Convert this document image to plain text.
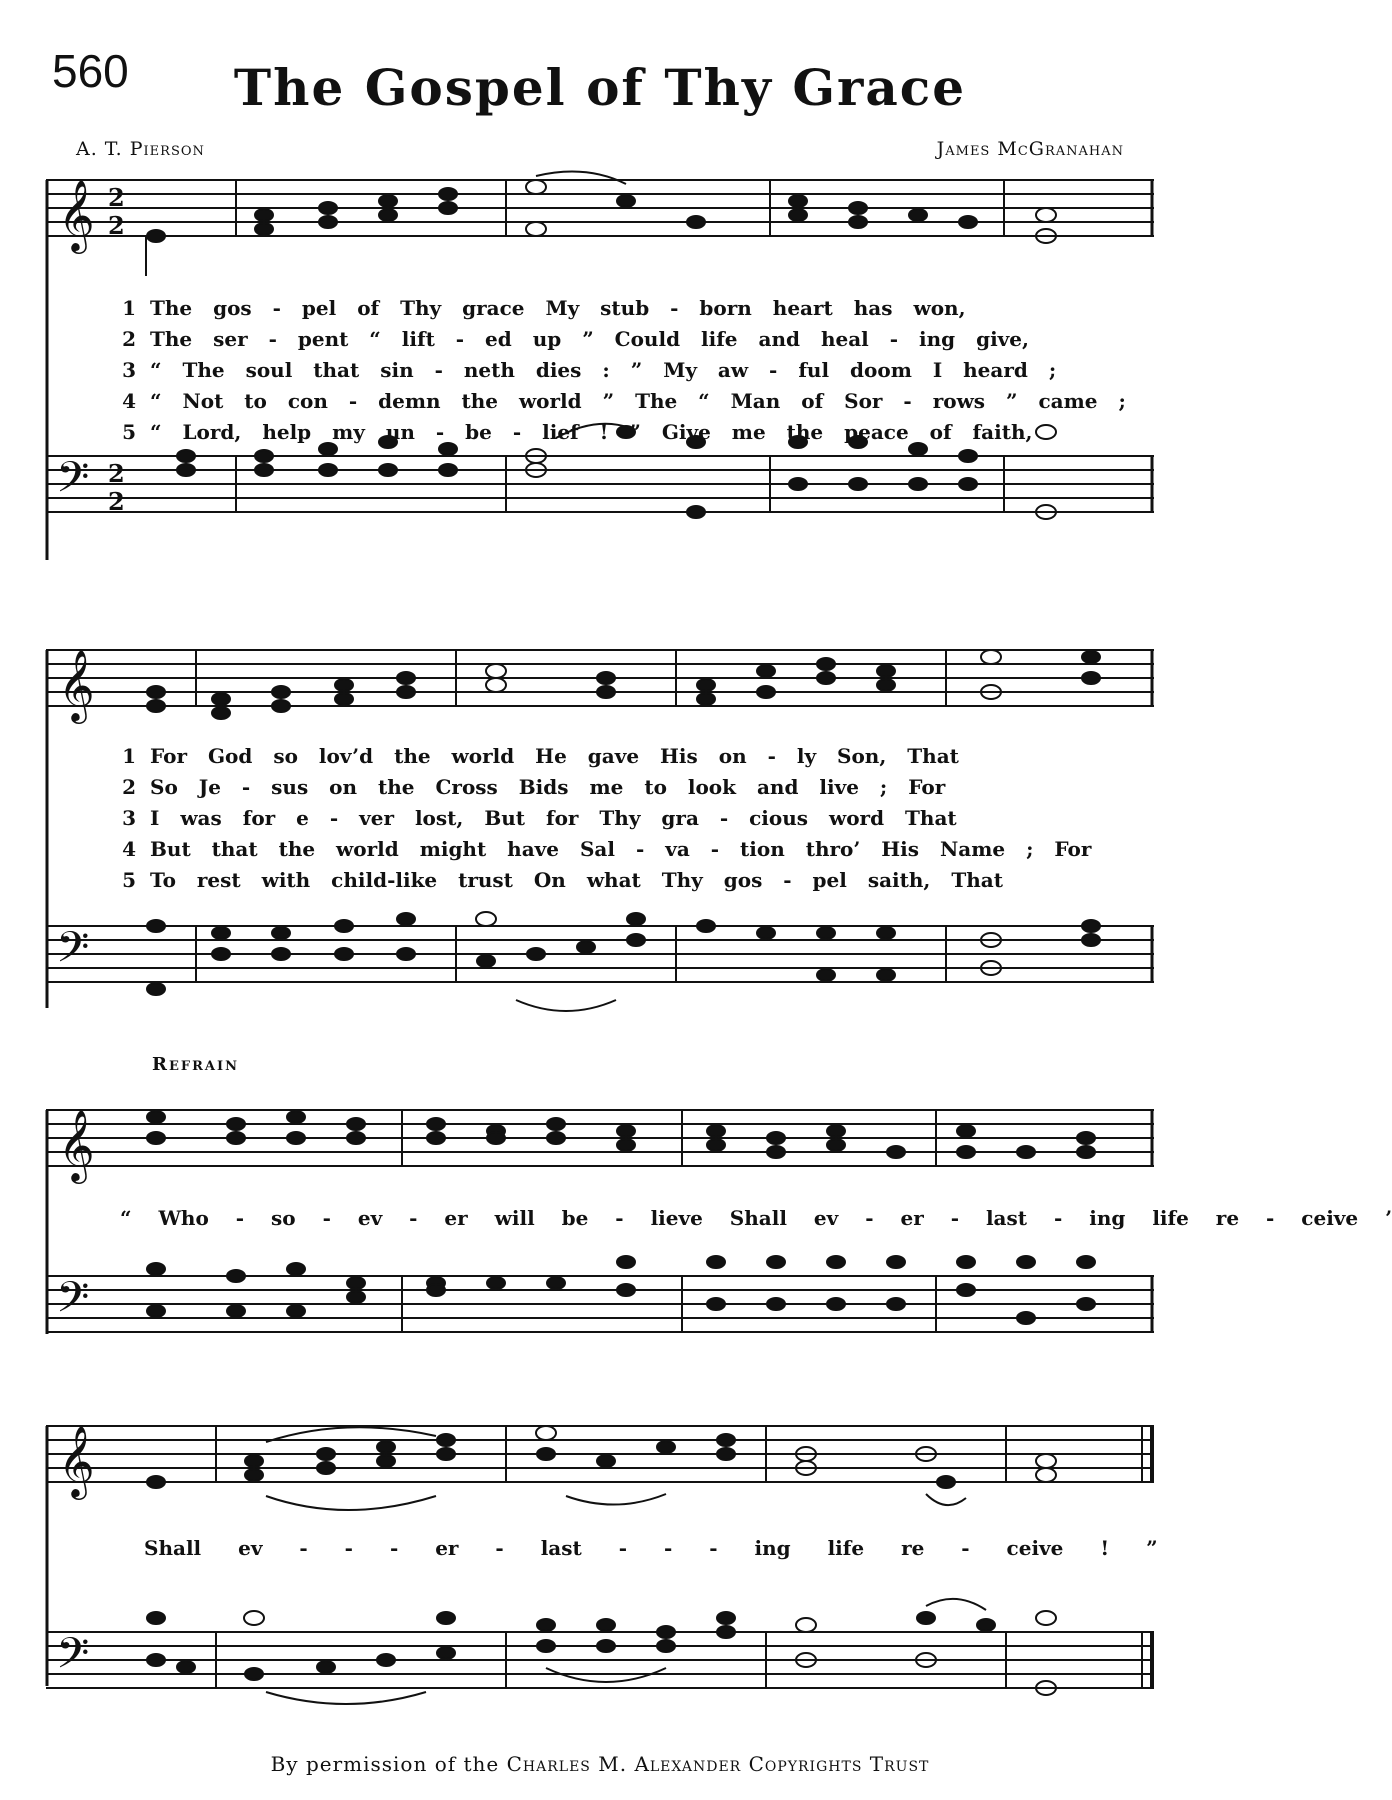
560	The Gospel of Thy Grace
A. T. Pierson	James McGranahan
𝄞 2
2
𝄢 2
2
1 The gos - pel of Thy grace My stub - born heart has won,
2 The ser - pent “ lift - ed up ” Could life and heal - ing give,
3 “ The soul that sin - neth dies : ” My aw - ful doom I heard ;
4 “ Not to con - demn the world ” The “ Man of Sor - rows ” came ;
5 “ Lord, help my un - be - lief ! ” Give me the peace of faith,
𝄞
𝄢
1 For God so lov’d the world He gave His on - ly Son, That
2 So Je - sus on the Cross Bids me to look and live ; For
3 I was for e - ver lost, But for Thy gra - cious word That
4 But that the world might have Sal - va - tion thro’ His Name ; For
5 To rest with child-like trust On what Thy gos - pel saith, That
Refrain
𝄞
𝄢
“ Who - so - ev - er will be - lieve Shall ev - er - last - ing life re - ceive ’
𝄞
𝄢
Shall ev - - - er - last - - - ing life re - ceive ! ”
By permission of the Charles M. Alexander Copyrights Trust
